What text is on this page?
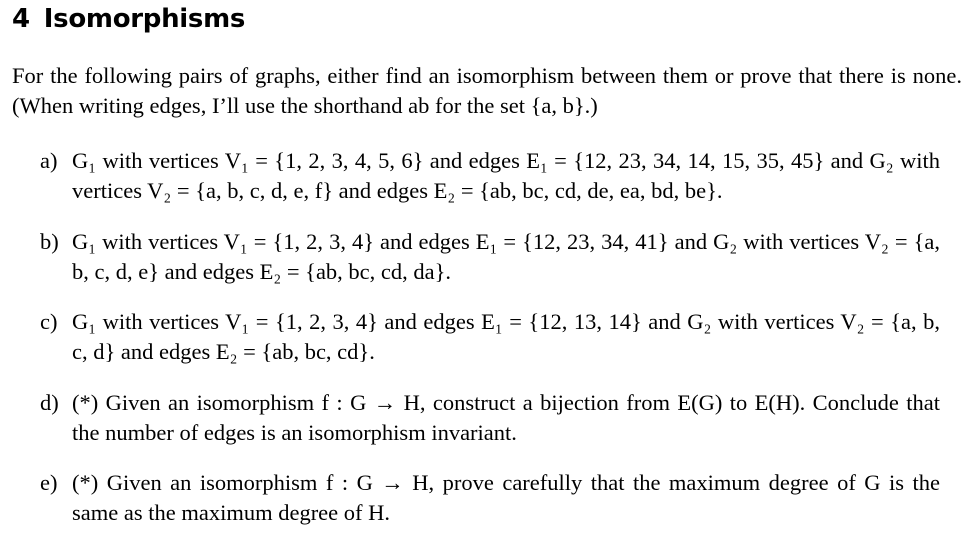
4 Isomorphisms

For the following pairs of graphs, either find an isomorphism between them or prove that there is none. (When writing edges, I’ll use the shorthand ab for the set {a, b}.)

a) G₁ with vertices V₁ = {1, 2, 3, 4, 5, 6} and edges E₁ = {12, 23, 34, 14, 15, 35, 45} and G₂ with vertices V₂ = {a, b, c, d, e, f} and edges E₂ = {ab, bc, cd, de, ea, bd, be}.
b) G₁ with vertices V₁ = {1, 2, 3, 4} and edges E₁ = {12, 23, 34, 41} and G₂ with vertices V₂ = {a, b, c, d, e} and edges E₂ = {ab, bc, cd, da}.
c) G₁ with vertices V₁ = {1, 2, 3, 4} and edges E₁ = {12, 13, 14} and G₂ with vertices V₂ = {a, b, c, d} and edges E₂ = {ab, bc, cd}.
d) (*) Given an isomorphism f : G → H, construct a bijection from E(G) to E(H). Conclude that the number of edges is an isomorphism invariant.
e) (*) Given an isomorphism f : G → H, prove carefully that the maximum degree of G is the same as the maximum degree of H.
